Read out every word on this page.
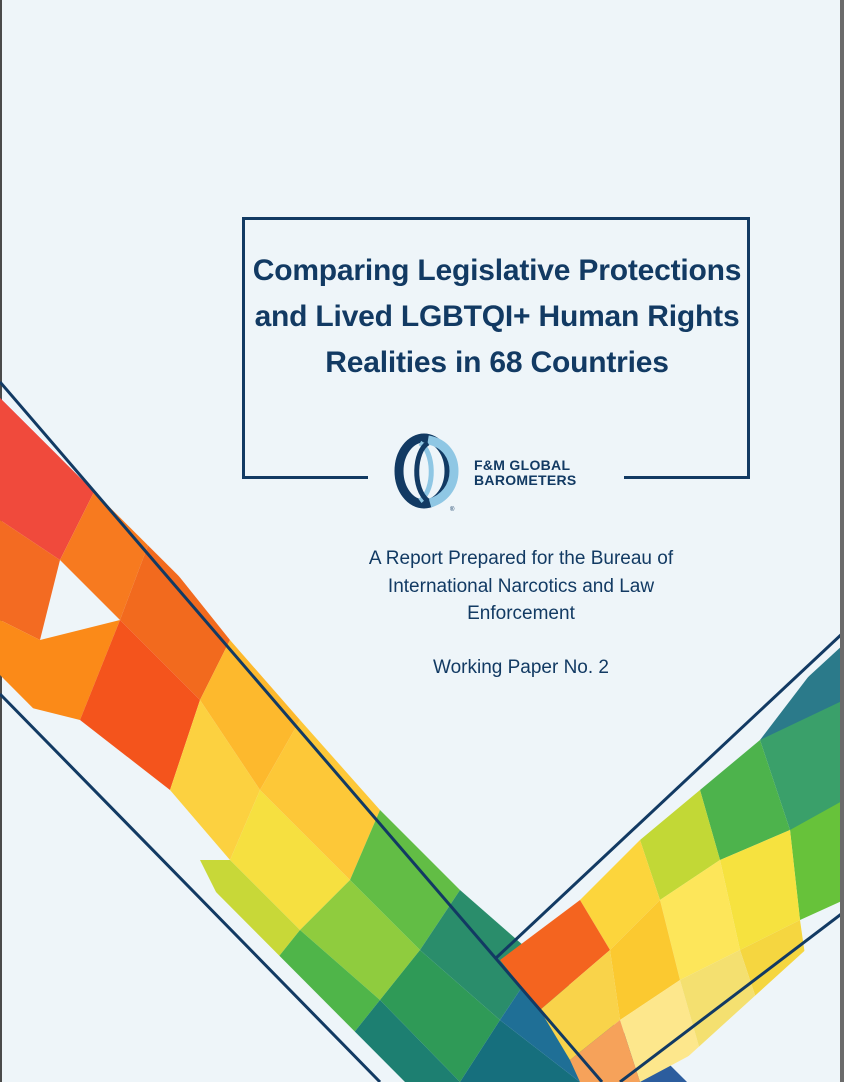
Comparing Legislative Protections and Lived LGBTQI+ Human Rights Realities in 68 Countries
®

F&M GLOBAL
BAROMETERS

A Report Prepared for the Bureau of International Narcotics and Law Enforcement

Working Paper No. 2
